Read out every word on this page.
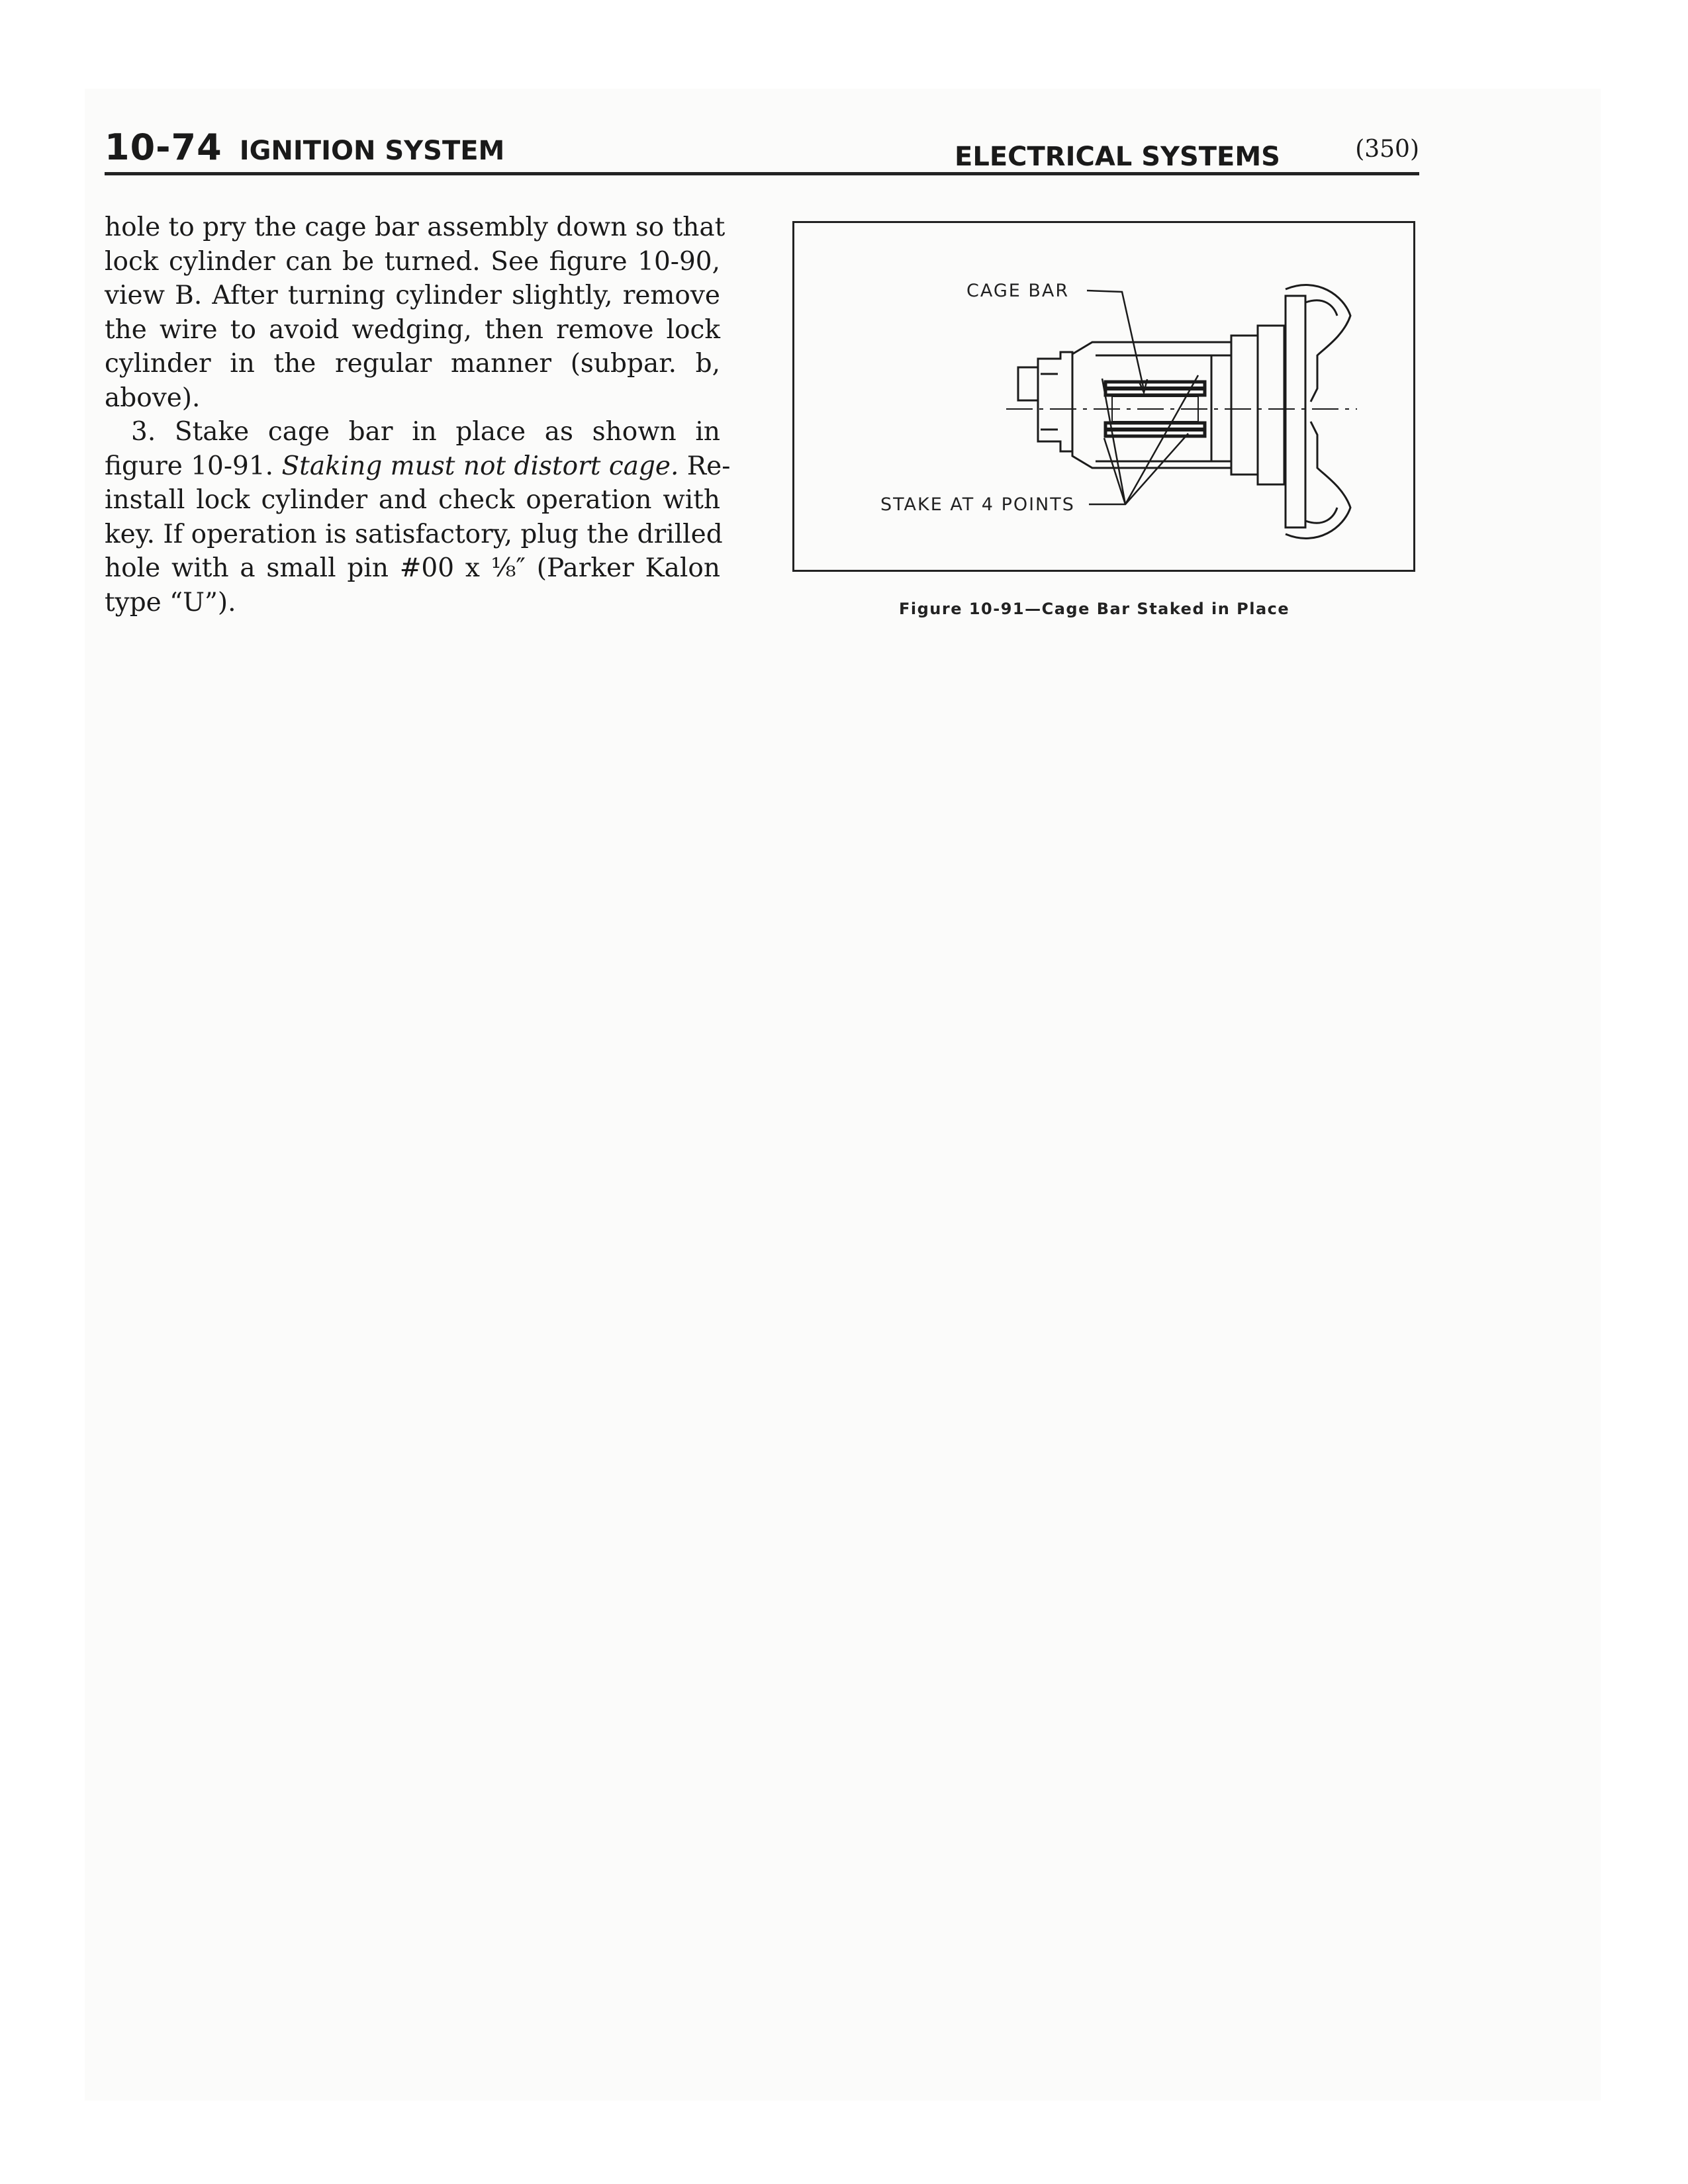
10-74 IGNITION SYSTEM	ELECTRICAL SYSTEMS	(350)
hole to pry the cage bar assembly down so that
lock cylinder can be turned. See figure 10-90,
view B. After turning cylinder slightly, remove
the wire to avoid wedging, then remove lock
cylinder in the regular manner (subpar. b,
above).
3. Stake cage bar in place as shown in
figure 10-91. Staking must not distort cage. Re-
install lock cylinder and check operation with
key. If operation is satisfactory, plug the drilled
hole with a small pin #00 x ⅛″ (Parker Kalon
type “U”).
CAGE BAR
STAKE AT 4 POINTS
Figure 10-91—Cage Bar Staked in Place
